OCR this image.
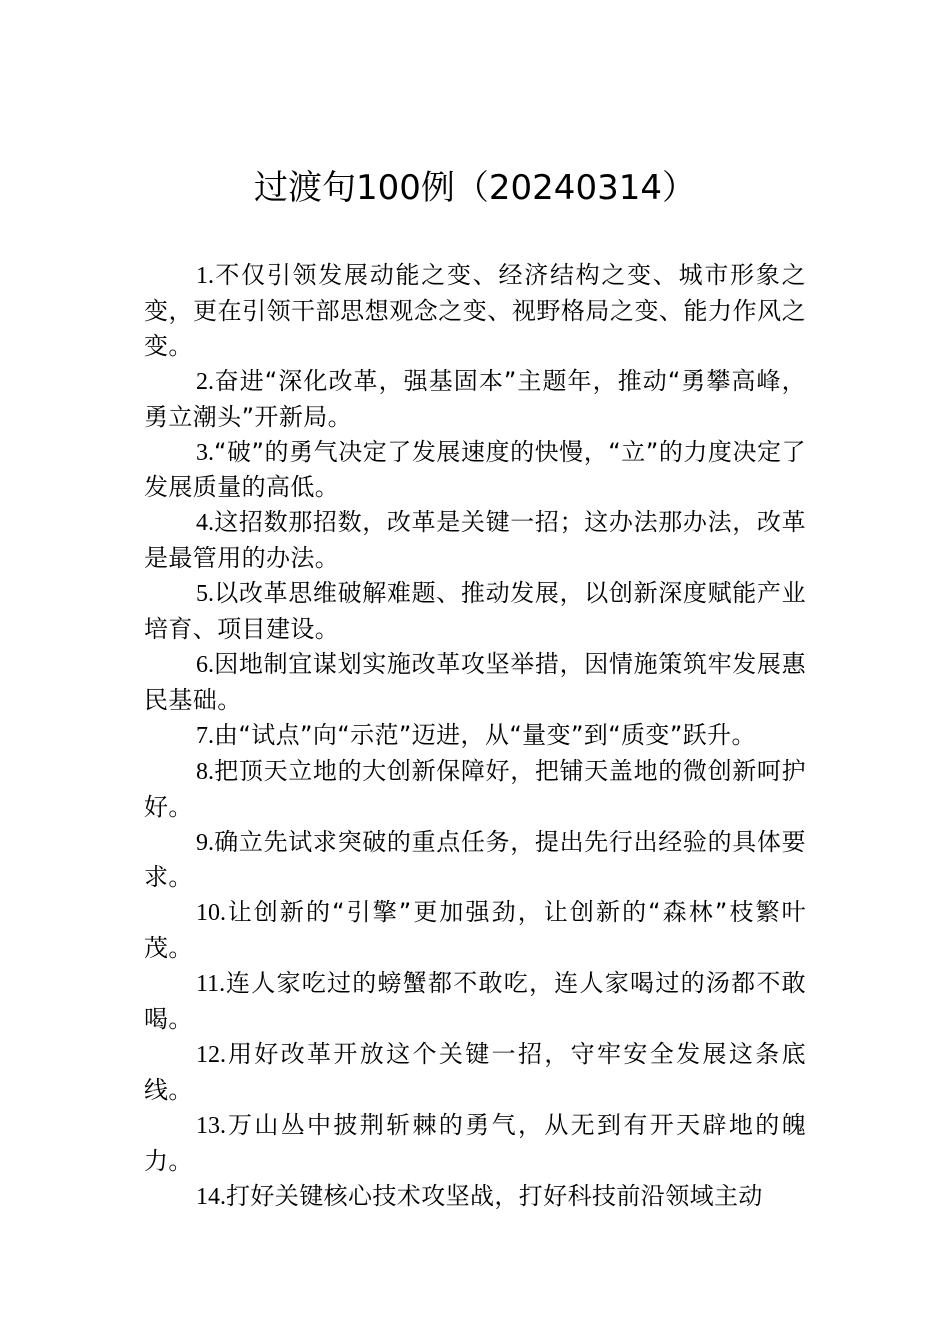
过渡句100例（20240314）

1.不仅引领发展动能之变、经济结构之变、城市形象之变，更在引领干部思想观念之变、视野格局之变、能力作风之变。

2.奋进“深化改革，强基固本”主题年，推动“勇攀高峰，勇立潮头”开新局。

3.“破”的勇气决定了发展速度的快慢，“立”的力度决定了发展质量的高低。

4.这招数那招数，改革是关键一招；这办法那办法，改革是最管用的办法。

5.以改革思维破解难题、推动发展，以创新深度赋能产业培育、项目建设。

6.因地制宜谋划实施改革攻坚举措，因情施策筑牢发展惠民基础。

7.由“试点”向“示范”迈进，从“量变”到“质变”跃升。

8.把顶天立地的大创新保障好，把铺天盖地的微创新呵护好。

9.确立先试求突破的重点任务，提出先行出经验的具体要求。

10.让创新的“引擎”更加强劲，让创新的“森林”枝繁叶茂。

11.连人家吃过的螃蟹都不敢吃，连人家喝过的汤都不敢喝。

12.用好改革开放这个关键一招，守牢安全发展这条底线。

13.万山丛中披荆斩棘的勇气，从无到有开天辟地的魄力。

14.打好关键核心技术攻坚战，打好科技前沿领域主动
